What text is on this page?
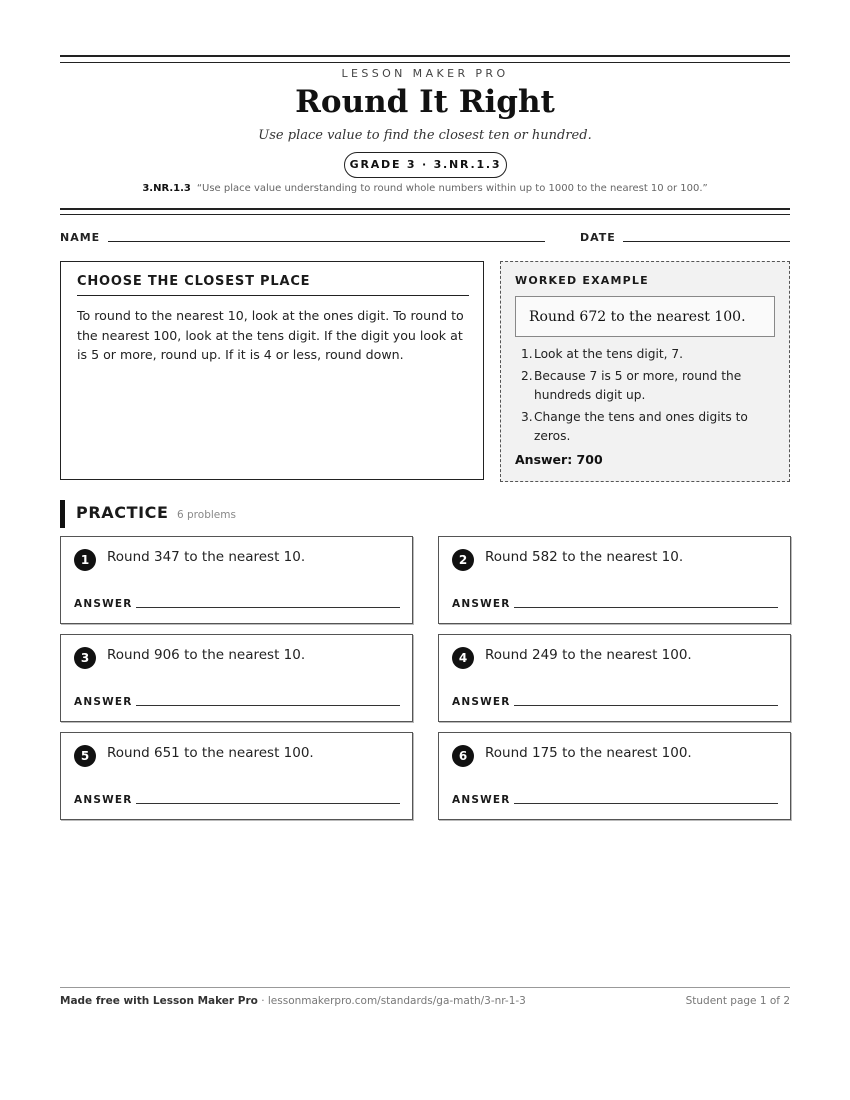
LESSON MAKER PRO
Round It Right
Use place value to find the closest ten or hundred.
GRADE 3 · 3.NR.1.3
3.NR.1.3 “Use place value understanding to round whole numbers within up to 1000 to the nearest 10 or 100.”
NAME	DATE
CHOOSE THE CLOSEST PLACE
To round to the nearest 10, look at the ones digit. To round to the nearest 100, look at the tens digit. If the digit you look at is 5 or more, round up. If it is 4 or less, round down.
WORKED EXAMPLE
Round 672 to the nearest 100.
1. Look at the tens digit, 7.
2. Because 7 is 5 or more, round the hundreds digit up.
3. Change the tens and ones digits to zeros.
Answer: 700
PRACTICE 6 problems
1	Round 347 to the nearest 10.
ANSWER
2	Round 582 to the nearest 10.
ANSWER
3	Round 906 to the nearest 10.
ANSWER
4	Round 249 to the nearest 100.
ANSWER
5	Round 651 to the nearest 100.
ANSWER
6	Round 175 to the nearest 100.
ANSWER
Made free with Lesson Maker Pro · lessonmakerpro.com/standards/ga-math/3-nr-1-3	Student page 1 of 2
